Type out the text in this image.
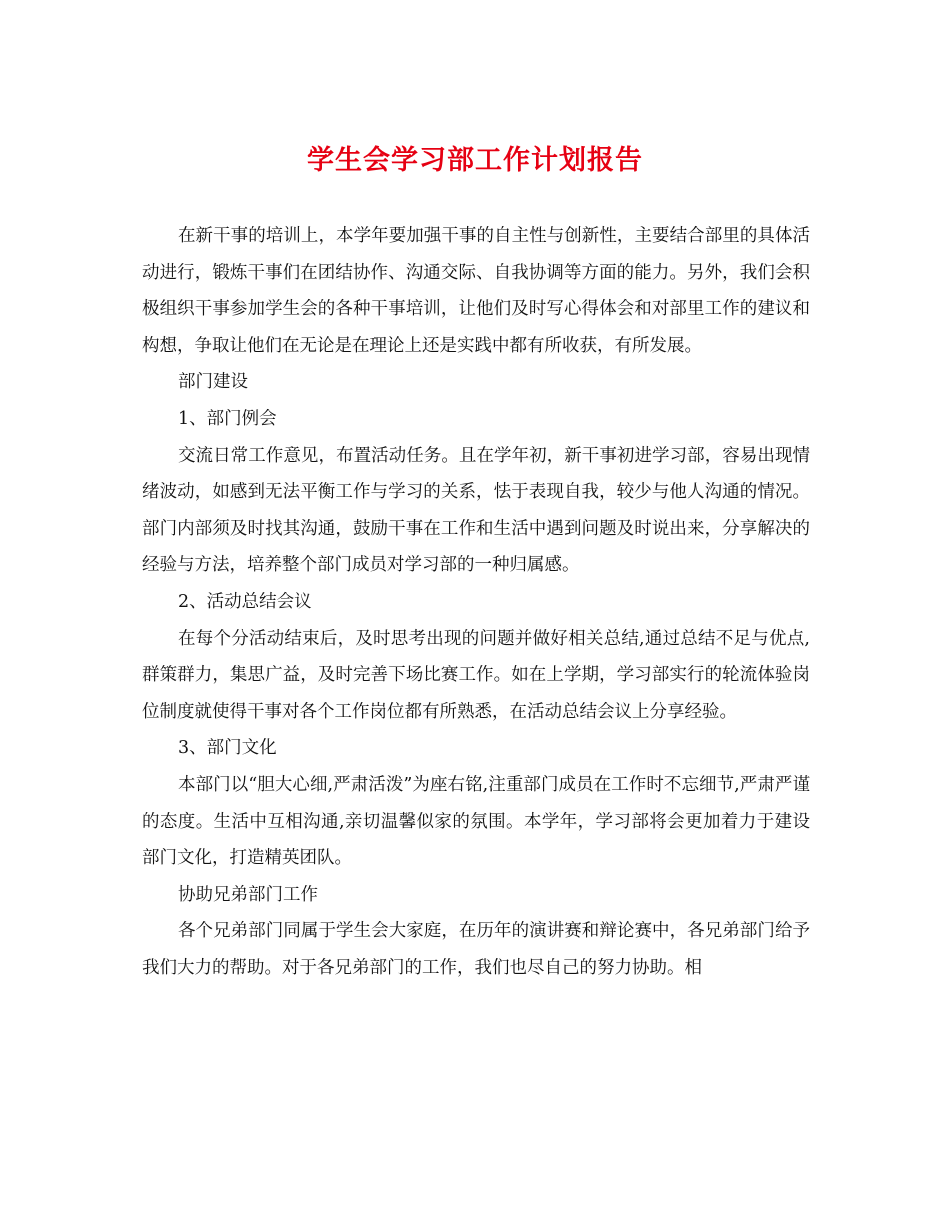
学生会学习部工作计划报告

在新干事的培训上，本学年要加强干事的自主性与创新性，主要结合部里的具体活动进行，锻炼干事们在团结协作、沟通交际、自我协调等方面的能力。另外，我们会积极组织干事参加学生会的各种干事培训，让他们及时写心得体会和对部里工作的建议和构想，争取让他们在无论是在理论上还是实践中都有所收获，有所发展。

部门建设

1、部门例会

交流日常工作意见，布置活动任务。且在学年初，新干事初进学习部，容易出现情绪波动，如感到无法平衡工作与学习的关系，怯于表现自我，较少与他人沟通的情况。部门内部须及时找其沟通，鼓励干事在工作和生活中遇到问题及时说出来，分享解决的经验与方法，培养整个部门成员对学习部的一种归属感。

2、活动总结会议

在每个分活动结束后，及时思考出现的问题并做好相关总结,通过总结不足与优点,群策群力，集思广益，及时完善下场比赛工作。如在上学期，学习部实行的轮流体验岗位制度就使得干事对各个工作岗位都有所熟悉，在活动总结会议上分享经验。

3、部门文化

本部门以“胆大心细,严肃活泼”为座右铭,注重部门成员在工作时不忘细节,严肃严谨的态度。生活中互相沟通,亲切温馨似家的氛围。本学年，学习部将会更加着力于建设部门文化，打造精英团队。

协助兄弟部门工作

各个兄弟部门同属于学生会大家庭，在历年的演讲赛和辩论赛中，各兄弟部门给予我们大力的帮助。对于各兄弟部门的工作，我们也尽自己的努力协助。相
